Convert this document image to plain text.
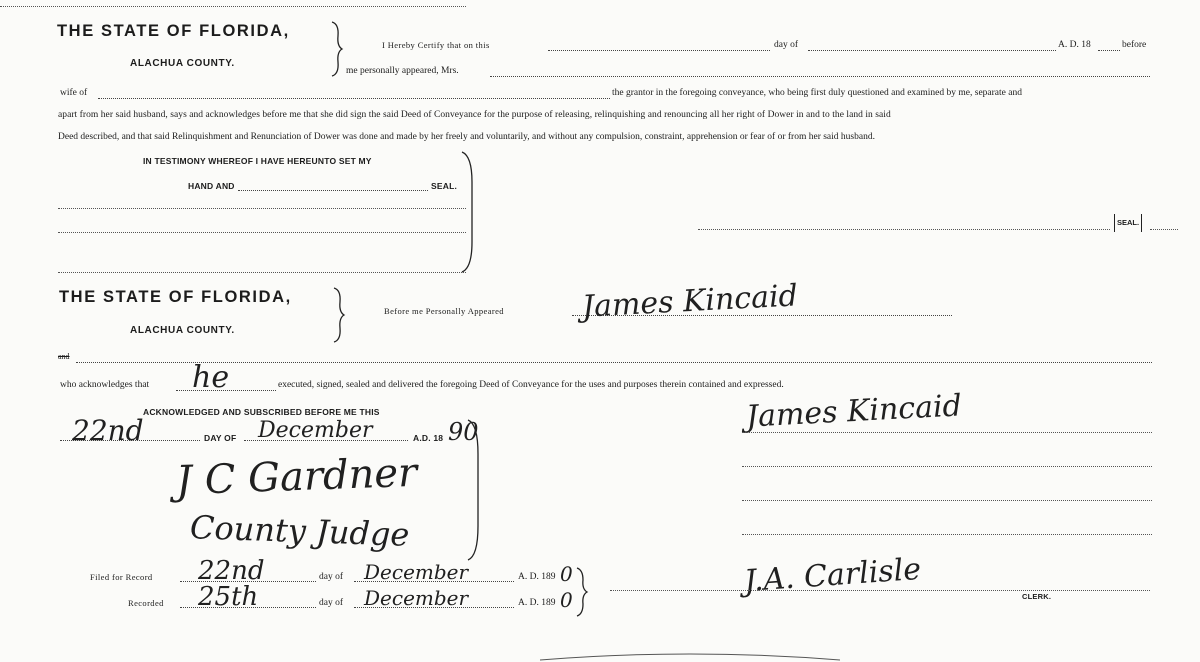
THE STATE OF FLORIDA,
ALACHUA COUNTY.
I Hereby Certify that on this	day of	A. D. 18	before
me personally appeared, Mrs.
wife of	the grantor in the foregoing conveyance, who being first duly questioned and examined by me, separate and
apart from her said husband, says and acknowledges before me that she did sign the said Deed of Conveyance for the purpose of releasing, relinquishing and renouncing all her right of Dower in and to the land in said
Deed described, and that said Relinquishment and Renunciation of Dower was done and made by her freely and voluntarily, and without any compulsion, constraint, apprehension or fear of or from her said husband.
IN TESTIMONY WHEREOF I HAVE HEREUNTO SET MY
HAND AND	SEAL.
SEAL.
THE STATE OF FLORIDA,
ALACHUA COUNTY.
Before me Personally Appeared	James Kincaid
and
who acknowledges that he	executed, signed, sealed and delivered the foregoing Deed of Conveyance for the uses and purposes therein contained and expressed.
ACKNOWLEDGED AND SUBSCRIBED BEFORE ME THIS
22nd	DAY OF December	A.D. 18 90
J C Gardner
County Judge
James Kincaid
Filed for Record 22nd	day of December	A. D. 189 0
Recorded 25th	day of December	A. D. 189 0
J.A. Carlisle	CLERK.
